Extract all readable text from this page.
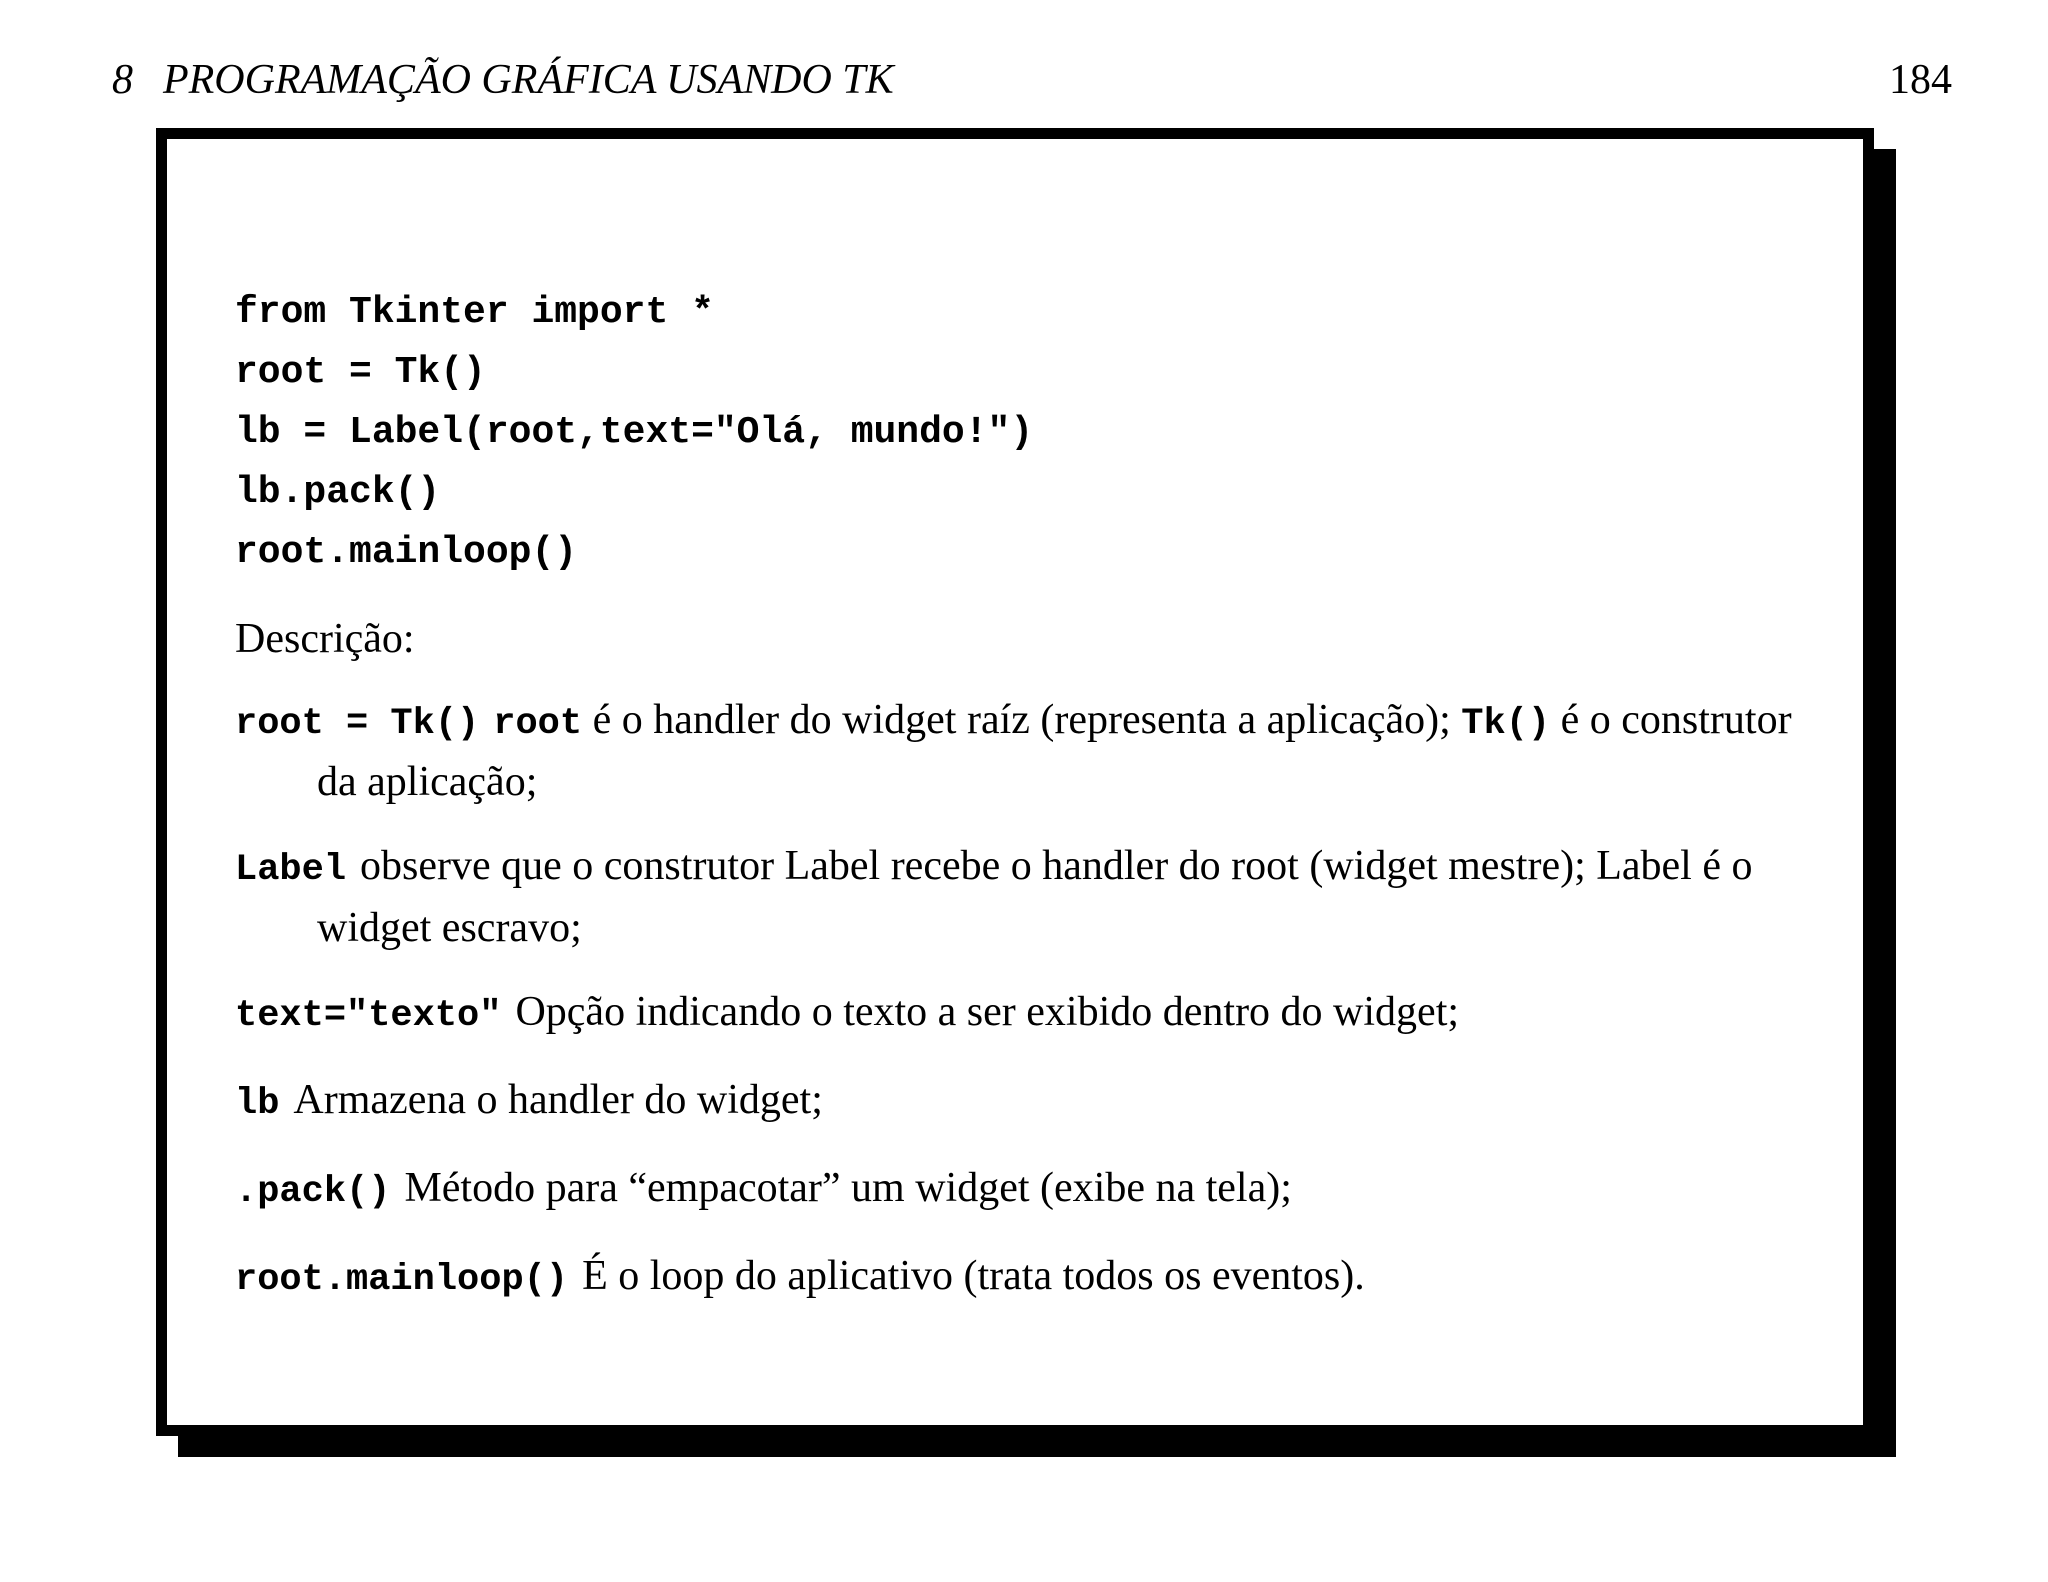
8 PROGRAMAÇÃO GRÁFICA USANDO TK	184
from Tkinter import *
root = Tk()
lb = Label(root,text="Olá, mundo!")
lb.pack()
root.mainloop()
Descrição:
root = Tk() root é o handler do widget raíz (representa a aplicação); Tk() é o construtor da aplicação;
Label observe que o construtor Label recebe o handler do root (widget mestre); Label é o widget escravo;
text="texto" Opção indicando o texto a ser exibido dentro do widget;
lb Armazena o handler do widget;
.pack() Método para “empacotar” um widget (exibe na tela);
root.mainloop() É o loop do aplicativo (trata todos os eventos).
